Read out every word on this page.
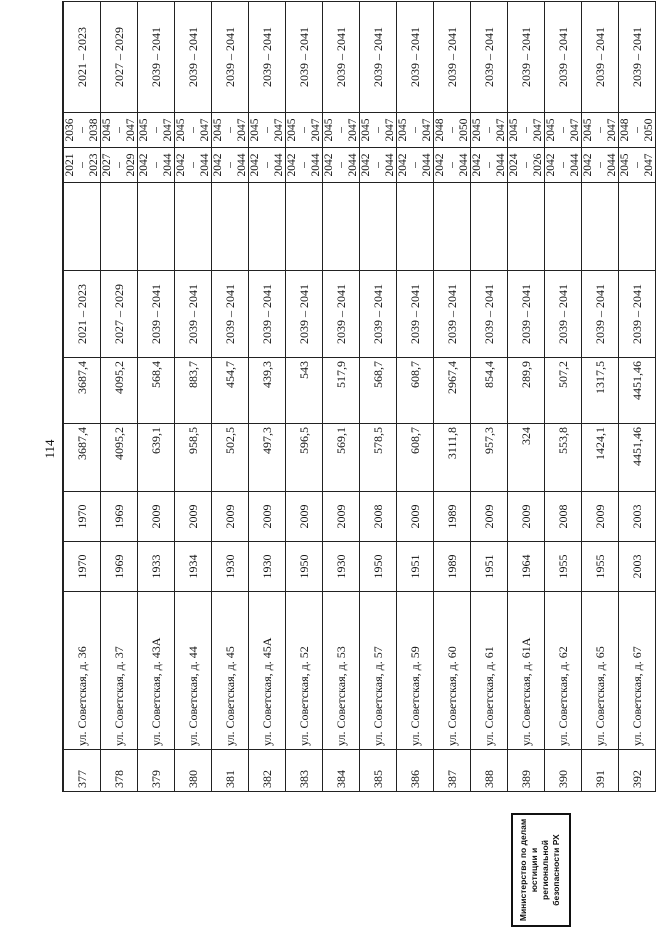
114
377	ул. Советская, д. 36	1970	1970	3687,4	3687,4	2021 – 2023		2021 – 2023	2036 – 2038	2021 – 2023
378	ул. Советская, д. 37	1969	1969	4095,2	4095,2	2027 – 2029		2027 – 2029	2045 – 2047	2027 – 2029
379	ул. Советская, д. 43А	1933	2009	639,1	568,4	2039 – 2041		2042 – 2044	2045 – 2047	2039 – 2041
380	ул. Советская, д. 44	1934	2009	958,5	883,7	2039 – 2041		2042 – 2044	2045 – 2047	2039 – 2041
381	ул. Советская, д. 45	1930	2009	502,5	454,7	2039 – 2041		2042 – 2044	2045 – 2047	2039 – 2041
382	ул. Советская, д. 45А	1930	2009	497,3	439,3	2039 – 2041		2042 – 2044	2045 – 2047	2039 – 2041
383	ул. Советская, д. 52	1950	2009	596,5	543	2039 – 2041		2042 – 2044	2045 – 2047	2039 – 2041
384	ул. Советская, д. 53	1930	2009	569,1	517,9	2039 – 2041		2042 – 2044	2045 – 2047	2039 – 2041
385	ул. Советская, д. 57	1950	2008	578,5	568,7	2039 – 2041		2042 – 2044	2045 – 2047	2039 – 2041
386	ул. Советская, д. 59	1951	2009	608,7	608,7	2039 – 2041		2042 – 2044	2045 – 2047	2039 – 2041
387	ул. Советская, д. 60	1989	1989	3111,8	2967,4	2039 – 2041		2042 – 2044	2048 – 2050	2039 – 2041
388	ул. Советская, д. 61	1951	2009	957,3	854,4	2039 – 2041		2042 – 2044	2045 – 2047	2039 – 2041
389	ул. Советская, д. 61А	1964	2009	324	289,9	2039 – 2041		2024 – 2026	2045 – 2047	2039 – 2041
390	ул. Советская, д. 62	1955	2008	553,8	507,2	2039 – 2041		2042 – 2044	2045 – 2047	2039 – 2041
391	ул. Советская, д. 65	1955	2009	1424,1	1317,5	2039 – 2041		2042 – 2044	2045 – 2047	2039 – 2041
392	ул. Советская, д. 67	2003	2003	4451,46	4451,46	2039 – 2041		2045 – 2047	2048 – 2050	2039 – 2041
Министерство по делам юстиции и региональной безопасности РХ
